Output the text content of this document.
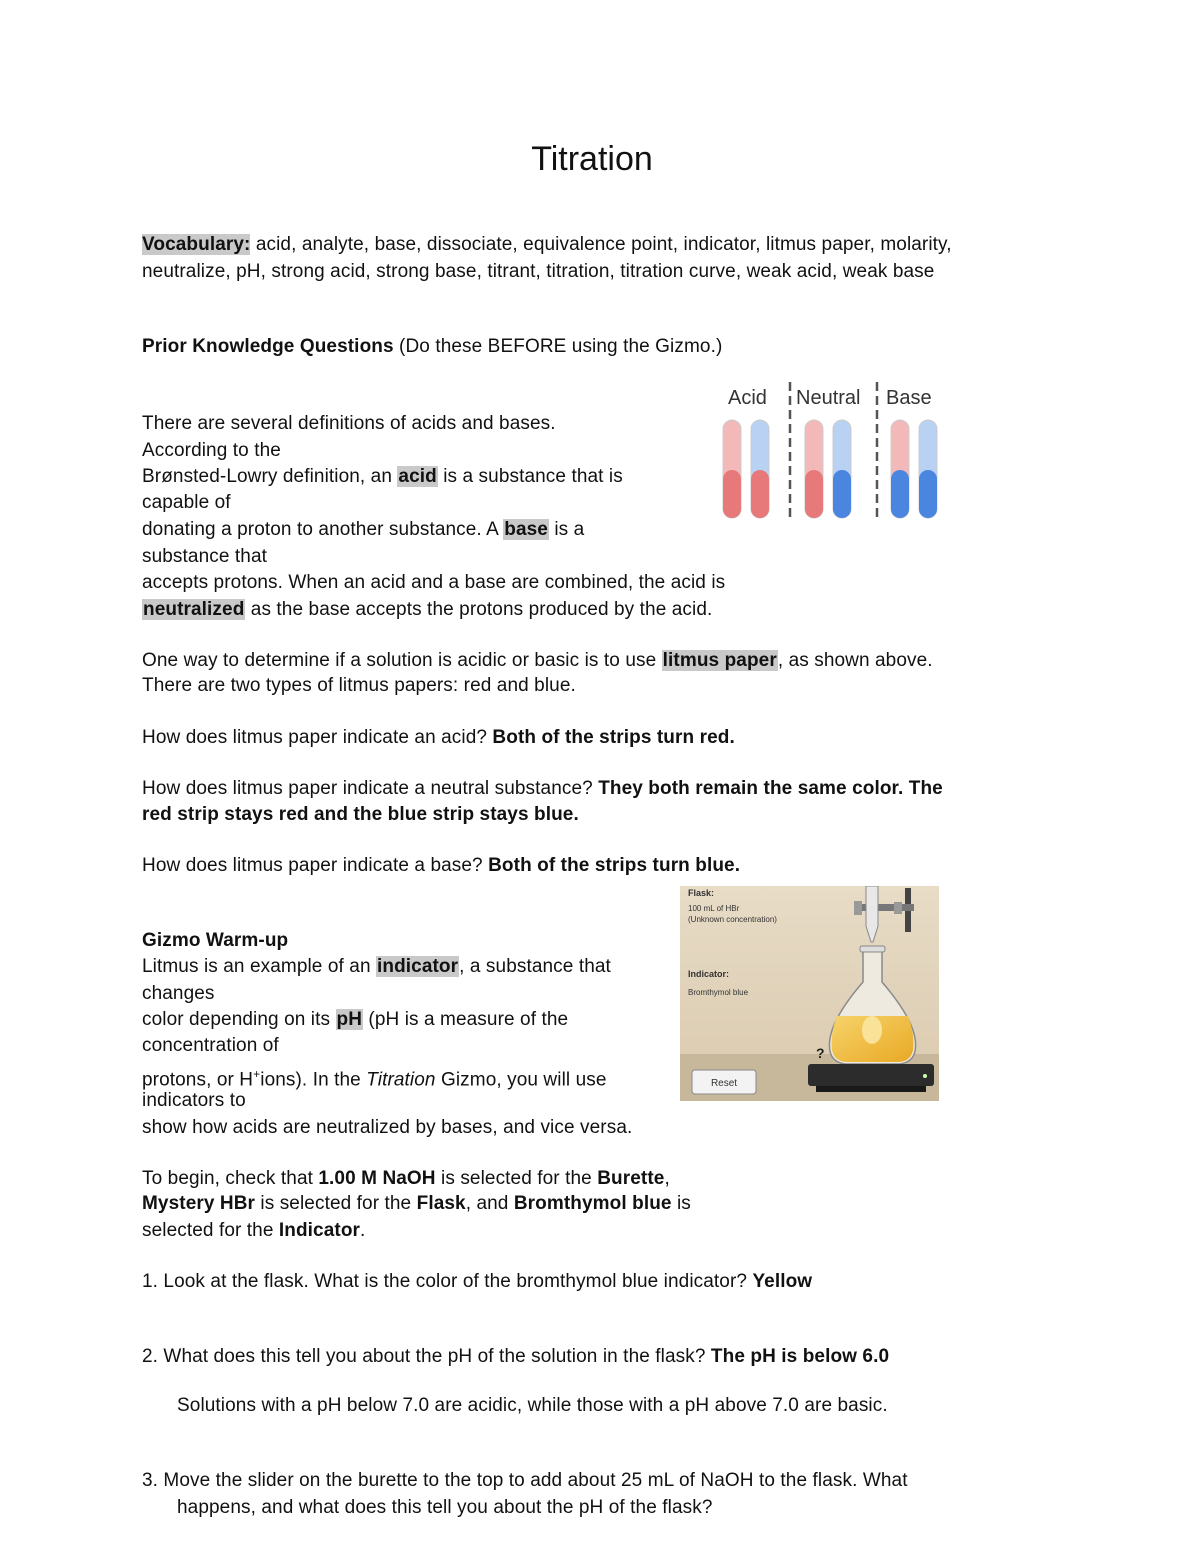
Titration
Vocabulary: acid, analyte, base, dissociate, equivalence point, indicator, litmus paper, molarity,
neutralize, pH, strong acid, strong base, titrant, titration, titration curve, weak acid, weak base
Prior Knowledge Questions (Do these BEFORE using the Gizmo.)
There are several definitions of acids and bases.
According to the
Brønsted-Lowry definition, an acid is a substance that is
capable of
donating a proton to another substance. A base is a
substance that
accepts protons. When an acid and a base are combined, the acid is
neutralized as the base accepts the protons produced by the acid.
One way to determine if a solution is acidic or basic is to use litmus paper, as shown above.
There are two types of litmus papers: red and blue.
How does litmus paper indicate an acid? Both of the strips turn red.
How does litmus paper indicate a neutral substance? They both remain the same color. The
red strip stays red and the blue strip stays blue.
How does litmus paper indicate a base? Both of the strips turn blue.
Acid Neutral Base
Flask:
100 mL of HBr
(Unknown concentration)
Indicator:
Bromthymol blue
?
Reset
Gizmo Warm-up
Litmus is an example of an indicator, a substance that
changes
color depending on its pH (pH is a measure of the
concentration of
protons, or H+ions). In the Titration Gizmo, you will use
indicators to
show how acids are neutralized by bases, and vice versa.
To begin, check that 1.00 M NaOH is selected for the Burette,
Mystery HBr is selected for the Flask, and Bromthymol blue is
selected for the Indicator.
1. Look at the flask. What is the color of the bromthymol blue indicator? Yellow
2. What does this tell you about the pH of the solution in the flask? The pH is below 6.0
Solutions with a pH below 7.0 are acidic, while those with a pH above 7.0 are basic.
3. Move the slider on the burette to the top to add about 25 mL of NaOH to the flask. What
happens, and what does this tell you about the pH of the flask?
